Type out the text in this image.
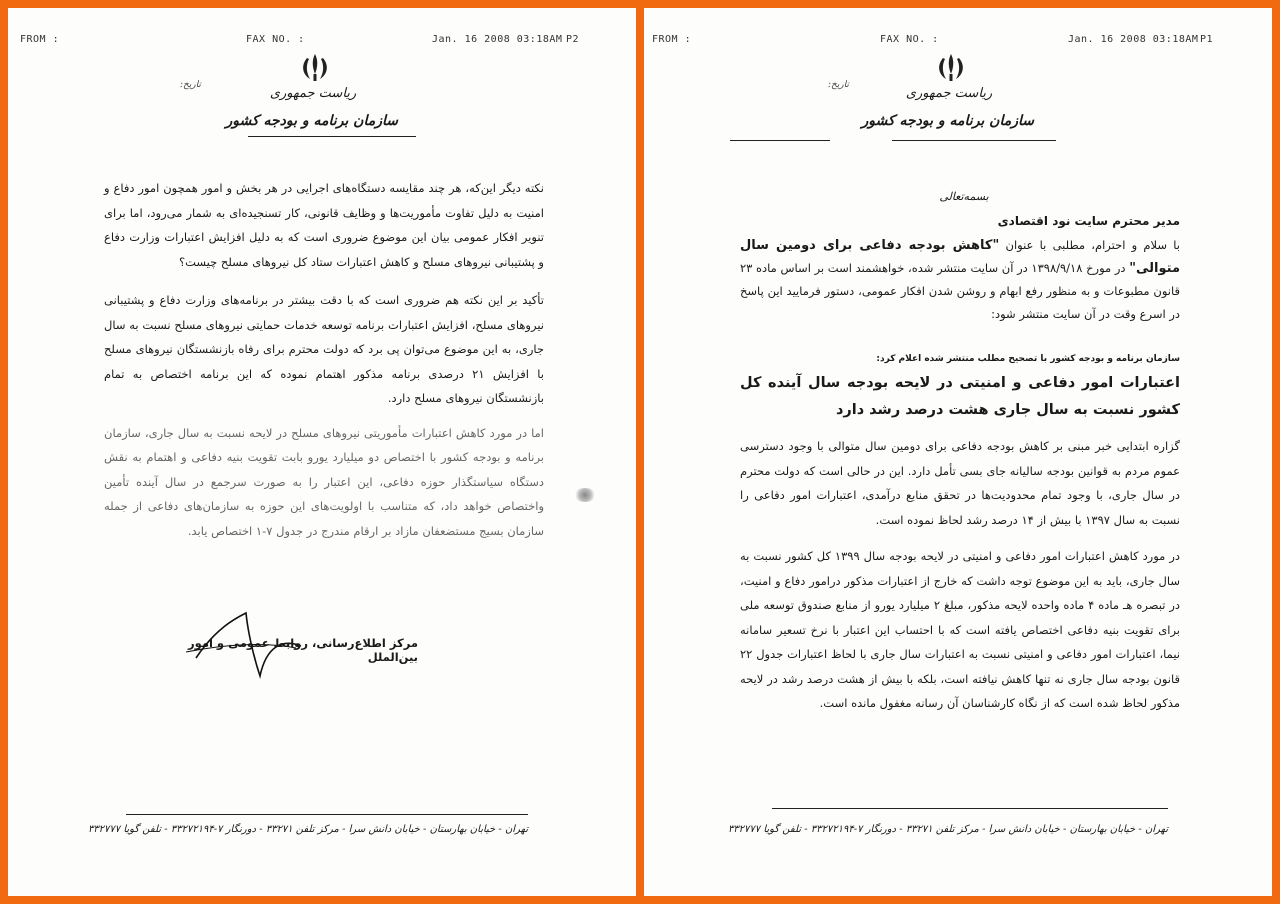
FROM :	FAX NO. :	Jan. 16 2008 03:18AM P2
ریاست جمهوری
سازمان برنامه و بودجه کشور
تاریخ:

نکته دیگر این‌که، هر چند مقایسه دستگاه‌های اجرایی در هر بخش و امور همچون امور دفاع و امنیت به دلیل تفاوت مأموریت‌ها و وظایف قانونی، کار تسنجیده‌ای به شمار می‌رود، اما برای تنویر افکار عمومی بیان این موضوع ضروری است که به دلیل افزایش اعتبارات وزارت دفاع و پشتیبانی نیروهای مسلح و کاهش اعتبارات ستاد کل نیروهای مسلح چیست؟

تأکید بر این نکته هم ضروری است که با دقت بیشتر در برنامه‌های وزارت دفاع و پشتیبانی نیروهای مسلح، افزایش اعتبارات برنامه توسعه خدمات حمایتی نیروهای مسلح نسبت به سال جاری، به این موضوع می‌توان پی برد که دولت محترم برای رفاه بازنشستگان نیروهای مسلح با افزایش ۲۱ درصدی برنامه مذکور اهتمام نموده که این برنامه اختصاص به تمام بازنشستگان نیروهای مسلح دارد.

اما در مورد کاهش اعتبارات مأموریتی نیروهای مسلح در لایحه نسبت به سال جاری، سازمان برنامه و بودجه کشور با اختصاص دو میلیارد یورو بابت تقویت بنیه دفاعی و اهتمام به نقش دستگاه سیاستگذار حوزه دفاعی، این اعتبار را به صورت سرجمع در سال آینده تأمین واختصاص خواهد داد، که متناسب با اولویت‌های این حوزه به سازمان‌های دفاعی از جمله سازمان بسیج مستضعفان مازاد بر ارقام مندرج در جدول ۷-۱ اختصاص یابد.

مرکز اطلاع‌رسانی، روابط عمومی و امور بین‌الملل
تهران - خیابان بهارستان - خیابان دانش سرا - مرکز تلفن ۳۳۲۷۱ - دورنگار ۷-۳۳۲۷۲۱۹۴ - تلفن گویا ۳۳۲۷۷۷
FROM :	FAX NO. :	Jan. 16 2008 03:18AM P1
ریاست جمهوری
سازمان برنامه و بودجه کشور
تاریخ:
بسمه‌تعالی
مدیر محترم سایت نود اقتصادی

با سلام و احترام، مطلبی با عنوان "کاهش بودجه دفاعی برای دومین سال متوالی" در مورخ ۱۳۹۸/۹/۱۸ در آن سایت منتشر شده، خواهشمند است بر اساس ماده ۲۳ قانون مطبوعات و به منظور رفع ابهام و روشن شدن افکار عمومی، دستور فرمایید این پاسخ در اسرع وقت در آن سایت منتشر شود:

سازمان برنامه و بودجه کشور با تصحیح مطلب منتشر شده اعلام کرد:
اعتبارات امور دفاعی و امنیتی در لایحه بودجه سال آینده کل کشور نسبت به سال جاری هشت درصد رشد دارد

گزاره ابتدایی خبر مبنی بر کاهش بودجه دفاعی برای دومین سال متوالی با وجود دسترسی عموم مردم به قوانین بودجه سالیانه جای بسی تأمل دارد. این در حالی است که دولت محترم در سال جاری، با وجود تمام محدودیت‌ها در تحقق منابع درآمدی، اعتبارات امور دفاعی را نسبت به سال ۱۳۹۷ با بیش از ۱۴ درصد رشد لحاظ نموده است.

در مورد کاهش اعتبارات امور دفاعی و امنیتی در لایحه بودجه سال ۱۳۹۹ کل کشور نسبت به سال جاری، باید به این موضوع توجه داشت که خارج از اعتبارات مذکور درامور دفاع و امنیت، در تبصره هـ ماده ۴ ماده واحده لایحه مذکور، مبلغ ۲ میلیارد یورو از منابع صندوق توسعه ملی برای تقویت بنیه دفاعی اختصاص یافته است که با احتساب این اعتبار با نرخ تسعیر سامانه نیما، اعتبارات امور دفاعی و امنیتی نسبت به اعتبارات سال جاری با لحاظ اعتبارات جدول ۲۲ قانون بودجه سال جاری نه تنها کاهش نیافته است، بلکه با بیش از هشت درصد رشد در لایحه مذکور لحاظ شده است که از نگاه کارشناسان آن رسانه مغفول مانده است.

تهران - خیابان بهارستان - خیابان دانش سرا - مرکز تلفن ۳۳۲۷۱ - دورنگار ۷-۳۳۲۷۲۱۹۴ - تلفن گویا ۳۳۲۷۷۷
